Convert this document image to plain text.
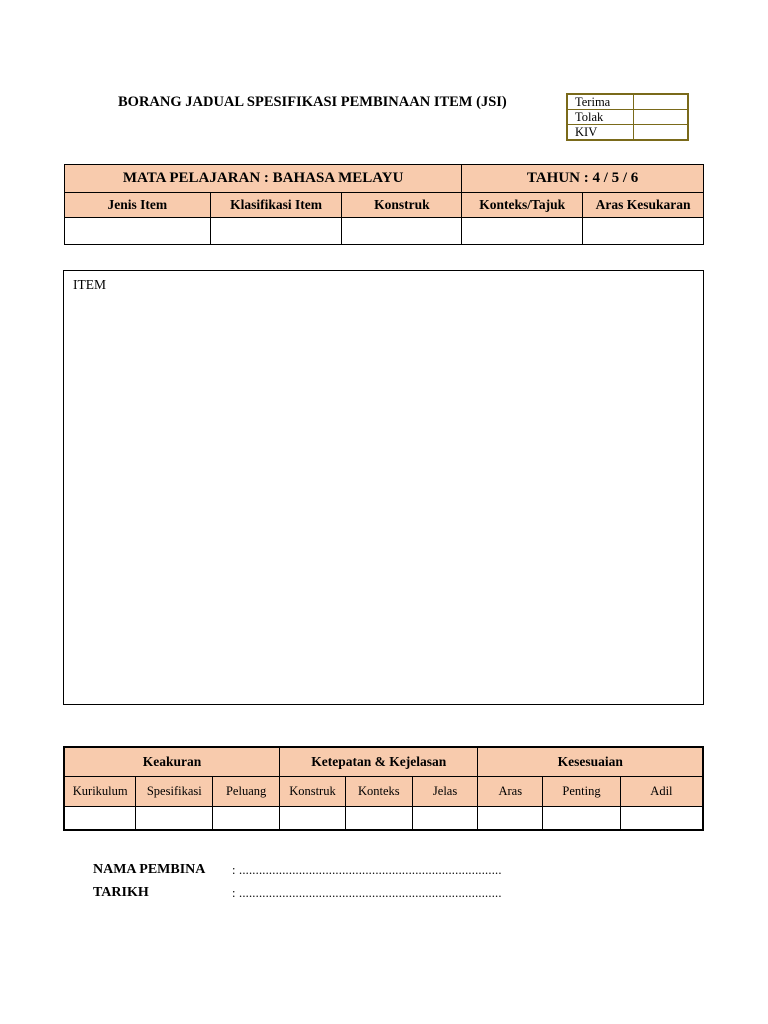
BORANG JADUAL SPESIFIKASI PEMBINAAN ITEM (JSI)	Terima	
Tolak	
KIV	
MATA PELAJARAN : BAHASA MELAYU			TAHUN : 4 / 5 / 6	
Jenis Item	Klasifikasi Item	Konstruk	Konteks/Tajuk	Aras Kesukaran

ITEM
Keakuran			Ketepatan & Kejelasan			Kesesuaian		
Kurikulum	Spesifikasi	Peluang	Konstruk	Konteks	Jelas	Aras	Penting	Adil

NAMA PEMBINA : ...............................................................................
TARIKH	: ...............................................................................
